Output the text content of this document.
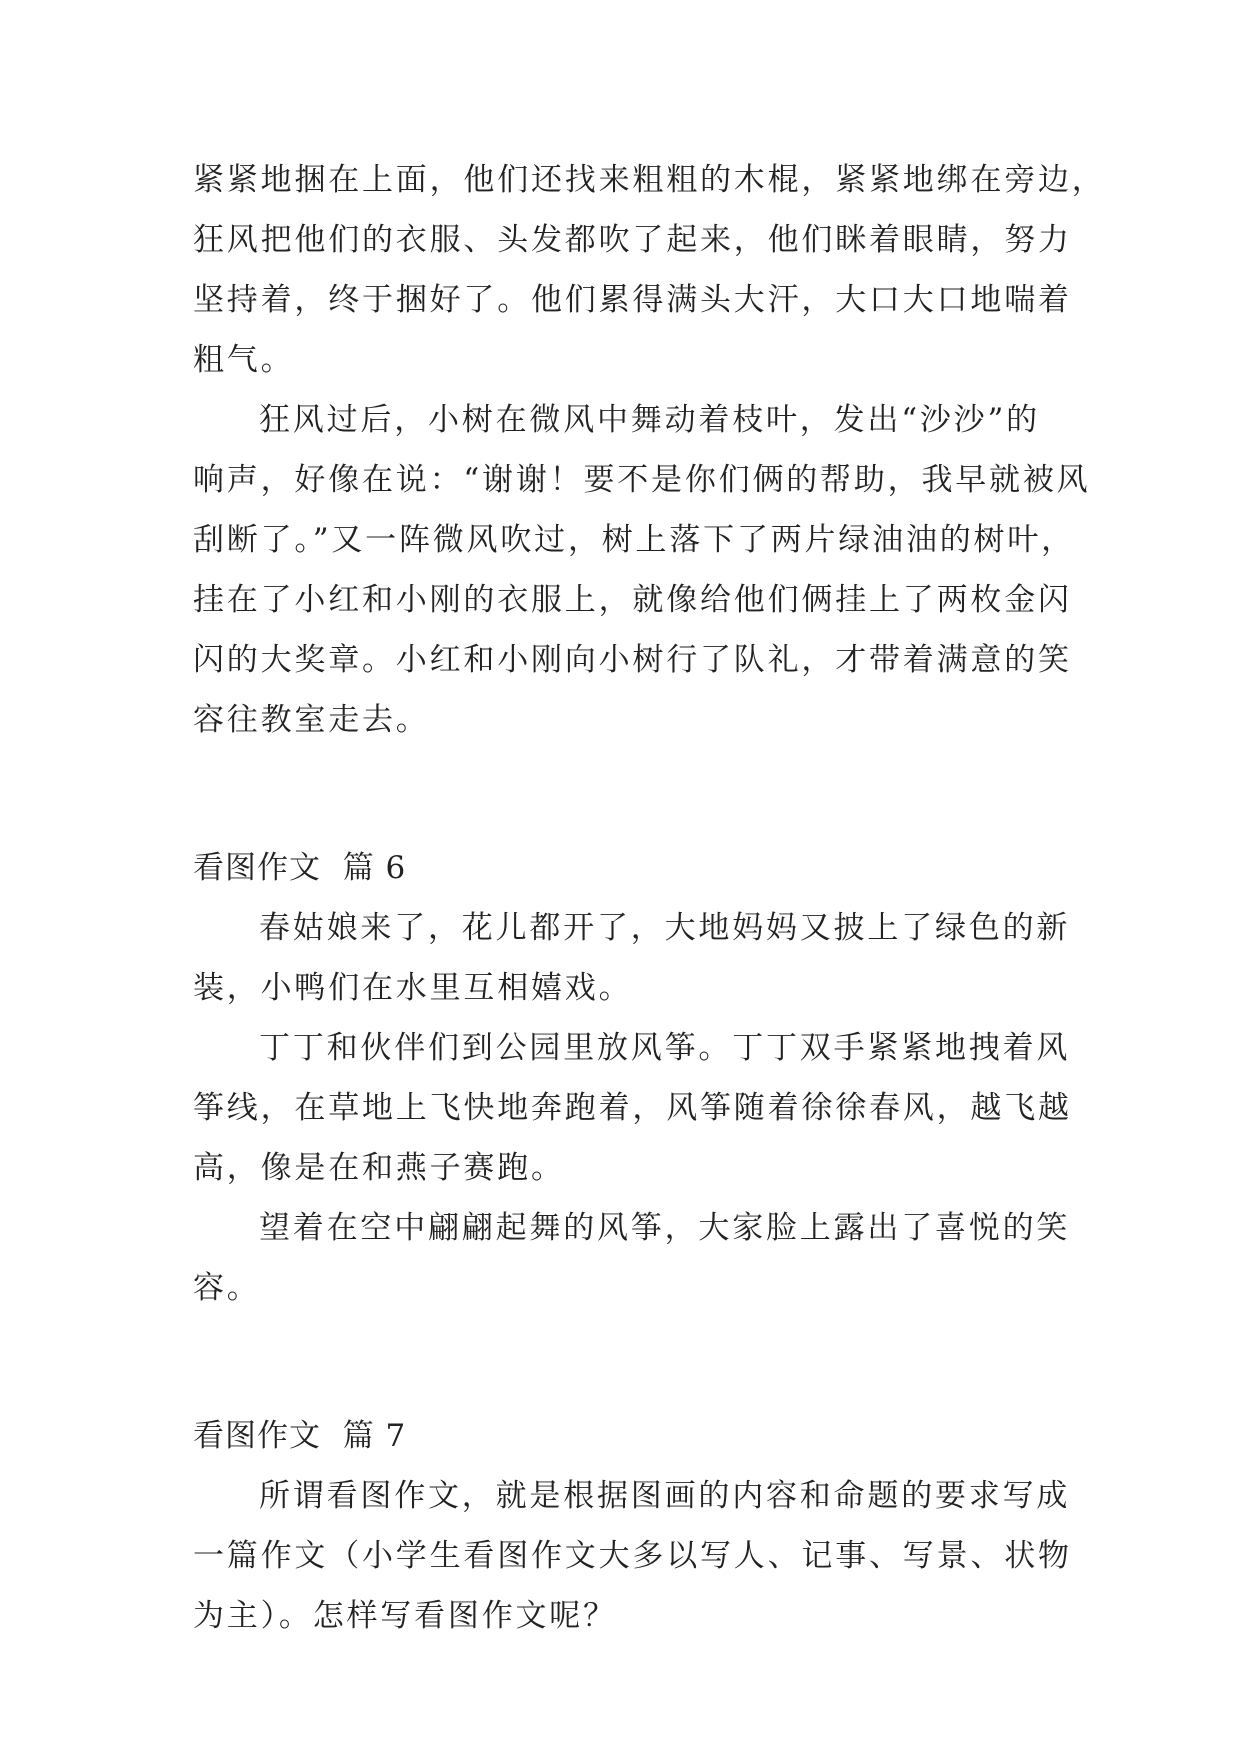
紧紧地捆在上面，他们还找来粗粗的木棍，紧紧地绑在旁边，
狂风把他们的衣服、头发都吹了起来，他们眯着眼睛，努力
坚持着，终于捆好了。他们累得满头大汗，大口大口地喘着
粗气。
狂风过后，小树在微风中舞动着枝叶，发出“沙沙”的
响声，好像在说：“谢谢！要不是你们俩的帮助，我早就被风
刮断了。”又一阵微风吹过，树上落下了两片绿油油的树叶，
挂在了小红和小刚的衣服上，就像给他们俩挂上了两枚金闪
闪的大奖章。小红和小刚向小树行了队礼，才带着满意的笑
容往教室走去。
看图作文  篇 6
春姑娘来了，花儿都开了，大地妈妈又披上了绿色的新
装，小鸭们在水里互相嬉戏。
丁丁和伙伴们到公园里放风筝。丁丁双手紧紧地拽着风
筝线，在草地上飞快地奔跑着，风筝随着徐徐春风，越飞越
高，像是在和燕子赛跑。
望着在空中翩翩起舞的风筝，大家脸上露出了喜悦的笑
容。
看图作文  篇 7
所谓看图作文，就是根据图画的内容和命题的要求写成
一篇作文（小学生看图作文大多以写人、记事、写景、状物
为主）。怎样写看图作文呢？
